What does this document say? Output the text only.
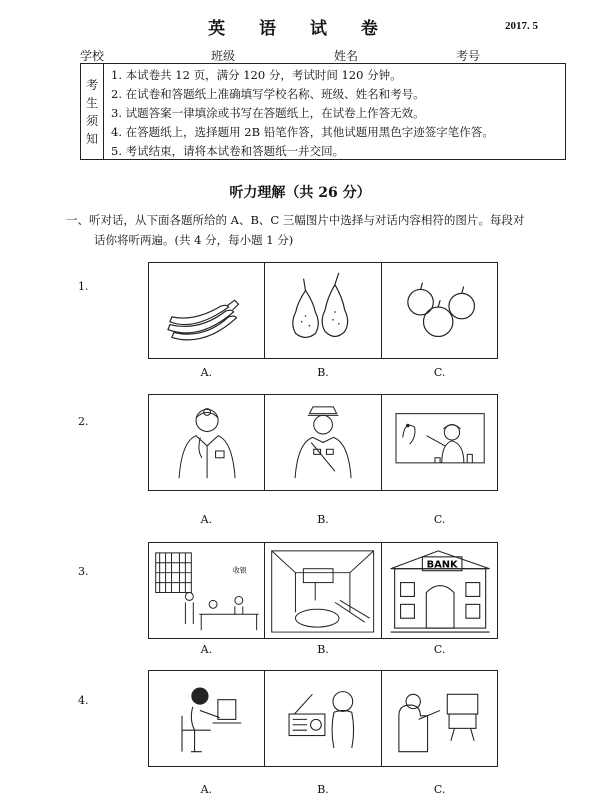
英 语 试 卷	2017. 5
学校	班级	姓名	考号
考
生
须
知
1. 本试卷共 12 页，满分 120 分，考试时间 120 分钟。
2. 在试卷和答题纸上准确填写学校名称、班级、姓名和考号。
3. 试题答案一律填涂或书写在答题纸上，在试卷上作答无效。
4. 在答题纸上，选择题用 2B 铅笔作答，其他试题用黑色字迹签字笔作答。
5. 考试结束，请将本试卷和答题纸一并交回。
听力理解（共 26 分）
一、听对话，从下面各题所给的 A、B、C 三幅图片中选择与对话内容相符的图片。每段对
话你将听两遍。(共 4 分，每小题 1 分)
1.
A.	B.	C.
2.
A.	B.	C.
3.	收银	BANK
A.	B.	C.
4.
A.	B.	C.
